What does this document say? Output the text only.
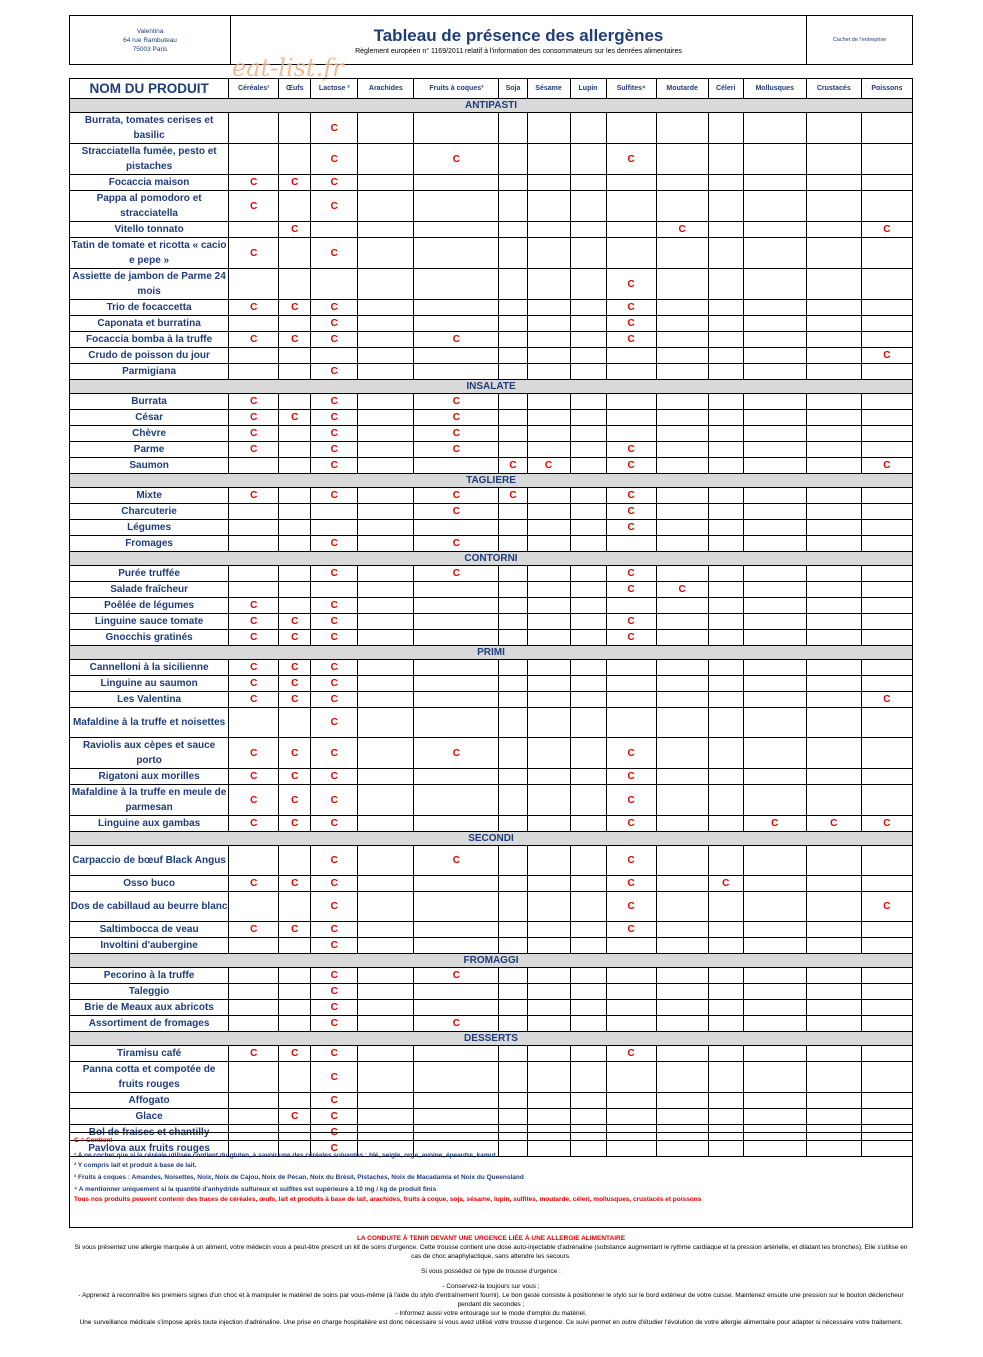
Valentina
64 rue Rambuteau
75003 Paris
Tableau de présence des allergènes
Règlement européen n° 1169/2011 relatif à l'information des consommateurs sur les denrées alimentaires
Cachet de l'entreprise
eat-list.fr
NOM DU PRODUIT	Céréales¹	Œufs	Lactose ²	Arachides	Fruits à coques³	Soja	Sésame	Lupin	Sulfites⁴	Moutarde	Céleri	Mollusques	Crustacés	Poissons
ANTIPASTI														
Burrata, tomates cerises et basilic			C											
Stracciatella fumée, pesto et pistaches			C		C				C					
Focaccia maison	C	C	C											
Pappa al pomodoro et stracciatella	C		C											
Vitello tonnato		C								C				C
Tatin de tomate et ricotta « cacio e pepe »	C		C											
Assiette de jambon de Parme 24 mois									C					
Trio de focaccetta	C	C	C						C					
Caponata et burratina			C						C					
Focaccia bomba à la truffe	C	C	C		C				C					
Crudo de poisson du jour														C
Parmigiana			C											
INSALATE														
Burrata	C		C		C									
César	C	C	C		C									
Chèvre	C		C		C									
Parme	C		C		C				C					
Saumon			C			C	C		C					C
TAGLIERE														
Mixte	C		C		C	C			C					
Charcuterie					C				C					
Légumes									C					
Fromages			C		C									
CONTORNI														
Purée truffée			C		C				C					
Salade fraîcheur									C	C				
Poêlée de légumes	C		C											
Linguine sauce tomate	C	C	C						C					
Gnocchis gratinés	C	C	C						C					
PRIMI														
Cannelloni à la sicilienne	C	C	C											
Linguine au saumon	C	C	C											
Les Valentina	C	C	C											C
Mafaldine à la truffe et noisettes			C											
Raviolis aux cèpes et sauce porto	C	C	C		C				C					
Rigatoni aux morilles	C	C	C						C					
Mafaldine à la truffe en meule de parmesan	C	C	C						C					
Linguine aux gambas	C	C	C						C			C	C	C
SECONDI														
Carpaccio de bœuf Black Angus			C		C				C					
Osso buco	C	C	C						C		C			
Dos de cabillaud au beurre blanc			C						C					C
Saltimbocca de veau	C	C	C						C					
Involtini d'aubergine			C											
FROMAGGI														
Pecorino à la truffe			C		C									
Taleggio			C											
Brie de Meaux aux abricots			C											
Assortiment de fromages			C		C									
DESSERTS														
Tiramisu café	C	C	C						C					
Panna cotta et compotée de fruits rouges			C											
Affogato			C											
Glace		C	C											
Bol de fraises et chantilly			C											
Pavlova aux fruits rouges			C											
C = Contient
¹ A ne cocher que si la céréale utilisée contient du gluten, à savoir une des céréales suivantes : blé, seigle, orge, avoine, épeautre, kamut
² Y compris lait et produit à base de lait.
³ Fruits à coques : Amandes, Noisettes, Noix, Noix de Cajou, Noix de Pécan, Noix du Brésil, Pistaches, Noix de Macadamia et Noix du Queensland
⁴ A mentionner uniquement si la quantité d'anhydride sulfureux et sulfites est supérieure à 10 mg / kg de produit finis
Tous nos produits peuvent contenir des traces de céréales, œufs, lait et produits à base de lait, arachides, fruits à coque, soja, sésame, lupin, sulfites, moutarde, céleri, mollusques, crustacés et poissons
LA CONDUITE À TENIR DEVANT UNE URGENCE LIÉE À UNE ALLERGIE ALIMENTAIRE
Si vous présentez une allergie marquée à un aliment, votre médecin vous a peut-être prescrit un kit de soins d'urgence. Cette trousse contient une dose auto-injectable d'adrénaline (substance augmentant le rythme cardiaque et la pression artérielle, et dilatant les bronches). Elle s'utilise en cas de choc anaphylactique, sans attendre les secours.
Si vous possédez ce type de trousse d'urgence :
- Conservez-la toujours sur vous ;
- Apprenez à reconnaître les premiers signes d'un choc et à manipuler le matériel de soins par vous-même (à l'aide du stylo d'entraînement fourni). Le bon geste consiste à positionner le stylo sur le bord extérieur de votre cuisse. Maintenez ensuite une pression sur le bouton déclencheur pendant dix secondes ;
- Informez aussi votre entourage sur le mode d'emploi du matériel.
Une surveillance médicale s'impose après toute injection d'adrénaline. Une prise en charge hospitalière est donc nécessaire si vous avez utilisé votre trousse d'urgence. Ce suivi permet en outre d'étudier l'évolution de votre allergie alimentaire pour adapter si nécessaire votre traitement.
